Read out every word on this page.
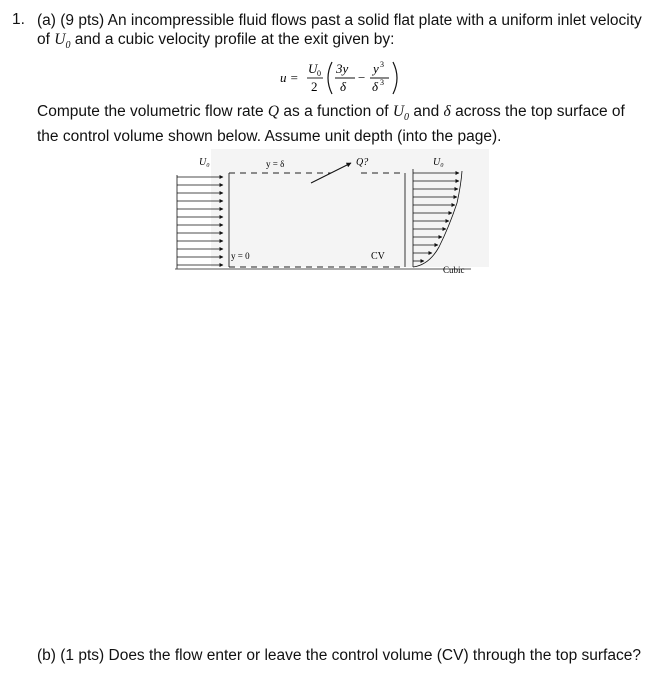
1. (a) (9 pts) An incompressible fluid flows past a solid flat plate with a uniform inlet velocity of $U_0$ and a cubic velocity profile at the exit given by:
u =
U 0
2
3y
δ
−
y 3
δ 3
Compute the volumetric flow rate Q as a function of $U_0$ and δ across the top surface of the control volume shown below. Assume unit depth (into the page).
U₀	y = δ	Q?	U₀
y = 0	CV
Cubic
(b) (1 pts) Does the flow enter or leave the control volume (CV) through the top surface?
